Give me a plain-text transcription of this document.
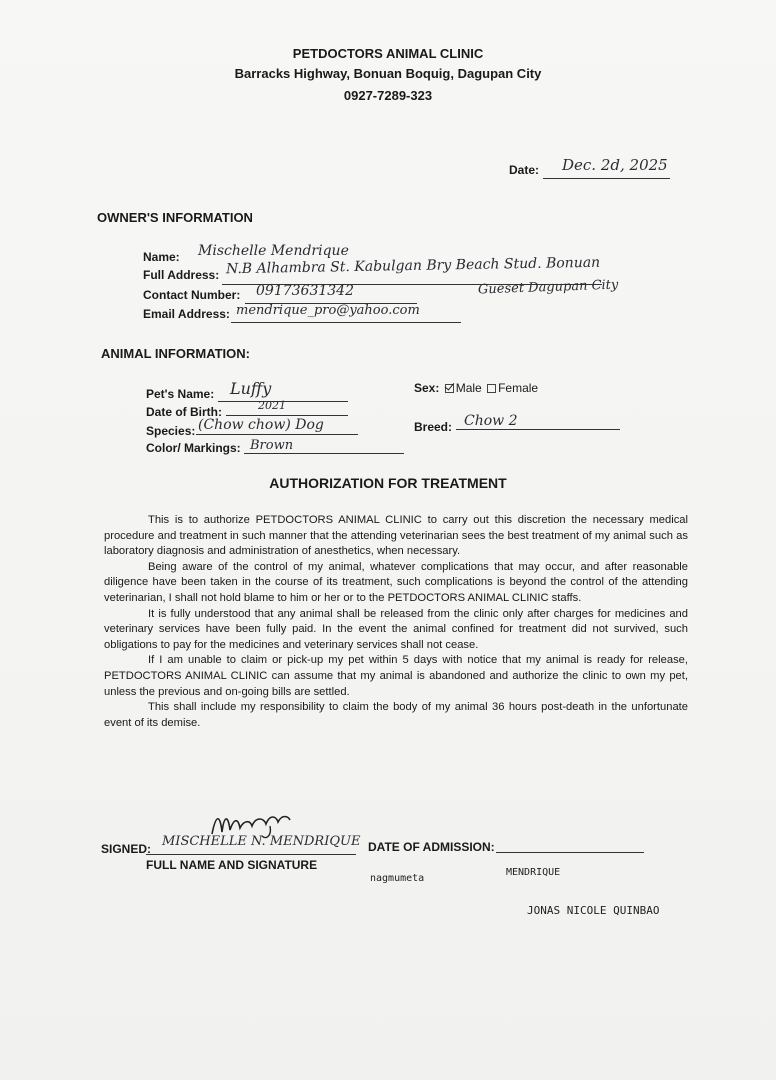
PETDOCTORS ANIMAL CLINIC
Barracks Highway, Bonuan Boquig, Dagupan City
0927-7289-323
Date: Dec. 2d, 2025
OWNER'S INFORMATION
Name: Mischelle Mendrique
Full Address: N.B Alhambra St. Kabulgan Bry Beach Stud. Bonuan
Gueset Dagupan City
Contact Number: 09173631342
Email Address: mendrique_pro@yahoo.com
ANIMAL INFORMATION:
Pet's Name: Luffy
Date of Birth:	2021
Species: (Chow chow) Dog
Color/ Markings: Brown
Sex: Male Female
Breed: Chow 2
AUTHORIZATION FOR TREATMENT

This is to authorize PETDOCTORS ANIMAL CLINIC to carry out this discretion the necessary medical procedure and treatment in such manner that the attending veterinarian sees the best treatment of my animal such as laboratory diagnosis and administration of anesthetics, when necessary.

Being aware of the control of my animal, whatever complications that may occur, and after reasonable diligence have been taken in the course of its treatment, such complications is beyond the control of the attending veterinarian, I shall not hold blame to him or her or to the PETDOCTORS ANIMAL CLINIC staffs.

It is fully understood that any animal shall be released from the clinic only after charges for medicines and veterinary services have been fully paid. In the event the animal confined for treatment did not survived, such obligations to pay for the medicines and veterinary services shall not cease.

If I am unable to claim or pick-up my pet within 5 days with notice that my animal is ready for release, PETDOCTORS ANIMAL CLINIC can assume that my animal is abandoned and authorize the clinic to own my pet, unless the previous and on-going bills are settled.

This shall include my responsibility to claim the body of my animal 36 hours post-death in the unfortunate event of its demise.

SIGNED: MISCHELLE N. MENDRIQUE
FULL NAME AND SIGNATURE
DATE OF ADMISSION:
nagmumeta
MENDRIQUE
JONAS NICOLE QUINBAO
